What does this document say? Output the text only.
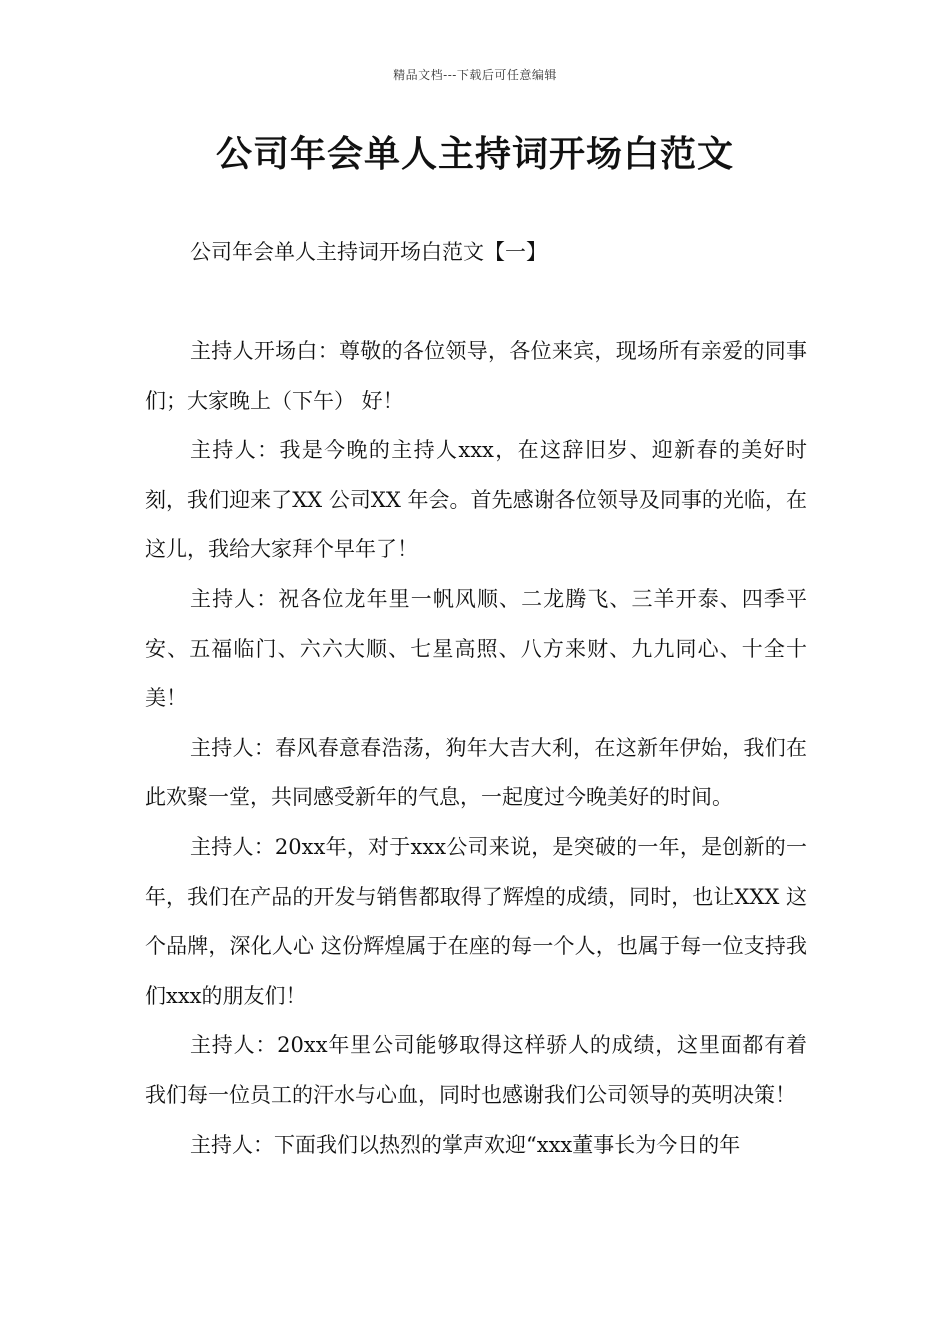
精品文档---下载后可任意编辑
公司年会单人主持词开场白范文
公司年会单人主持词开场白范文【一】

主持人开场白：尊敬的各位领导，各位来宾，现场所有亲爱的同事们；大家晚上（下午） 好！

主持人：我是今晚的主持人xxx，在这辞旧岁、迎新春的美好时刻，我们迎来了XX 公司XX 年会。首先感谢各位领导及同事的光临，在这儿，我给大家拜个早年了！

主持人：祝各位龙年里一帆风顺、二龙腾飞、三羊开泰、四季平安、五福临门、六六大顺、七星高照、八方来财、九九同心、十全十美！

主持人：春风春意春浩荡，狗年大吉大利，在这新年伊始，我们在此欢聚一堂，共同感受新年的气息，一起度过今晚美好的时间。

主持人：20xx年，对于xxx公司来说，是突破的一年，是创新的一年，我们在产品的开发与销售都取得了辉煌的成绩，同时，也让XXX 这个品牌，深化人心 这份辉煌属于在座的每一个人，也属于每一位支持我们xxx的朋友们！

主持人：20xx年里公司能够取得这样骄人的成绩，这里面都有着我们每一位员工的汗水与心血，同时也感谢我们公司领导的英明决策！

主持人：下面我们以热烈的掌声欢迎“xxx董事长为今日的年
